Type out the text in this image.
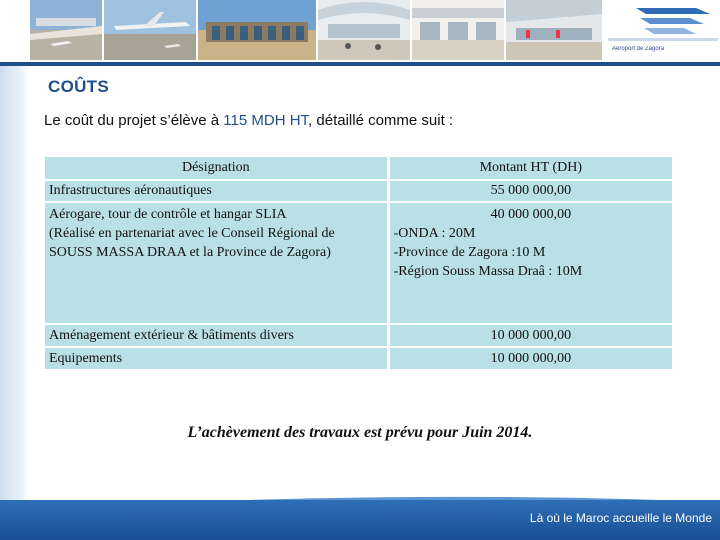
Aéroport de Zagora
COÛTS
Le coût du projet s’élève à 115 MDH HT, détaillé comme suit :
Désignation	Montant HT (DH)
Infrastructures aéronautiques	55 000 000,00

Aérogare, tour de contrôle et hangar SLIA
(Réalisé en partenariat avec le Conseil Régional de
SOUSS MASSA DRAA et la Province de Zagora)	40 000 000,00
-ONDA : 20M
-Province de Zagora :10 M
-Région Souss Massa Draâ : 10M

Aménagement extérieur & bâtiments divers	10 000 000,00
Equipements	10 000 000,00
L’achèvement des travaux est prévu pour Juin 2014.
Là où le Maroc accueille le Monde
